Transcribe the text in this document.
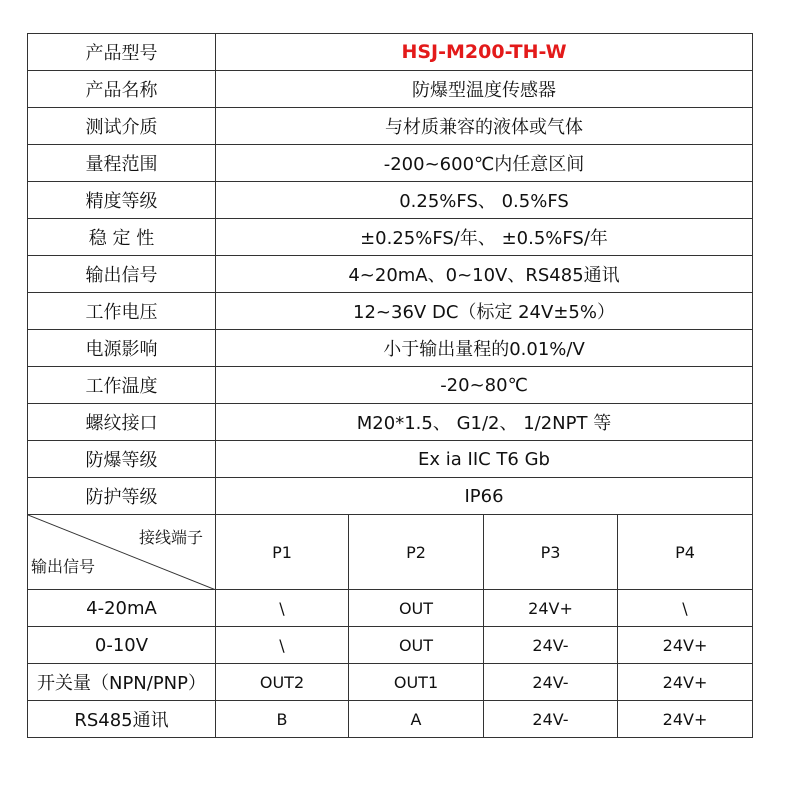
产品型号	HSJ-M200-TH-W			
产品名称	防爆型温度传感器			
测试介质	与材质兼容的液体或气体			
量程范围	-200~600℃内任意区间			
精度等级	0.25%FS、 0.5%FS			
稳 定 性	±0.25%FS/年、 ±0.5%FS/年			
输出信号	4~20mA、0~10V、RS485通讯			
工作电压	12~36V DC（标定 24V±5%）			
电源影响	小于输出量程的0.01%/V			
工作温度	-20~80℃			
螺纹接口	M20*1.5、 G1/2、 1/2NPT 等			
防爆等级	Ex ia IIC T6 Gb			
防护等级	IP66			

接线端子
输出信号	P1	P2	P3	P4
4-20mA	\	OUT	24V+	\
0-10V	\	OUT	24V-	24V+
开关量（NPN/PNP）	OUT2	OUT1	24V-	24V+
RS485通讯	B	A	24V-	24V+
